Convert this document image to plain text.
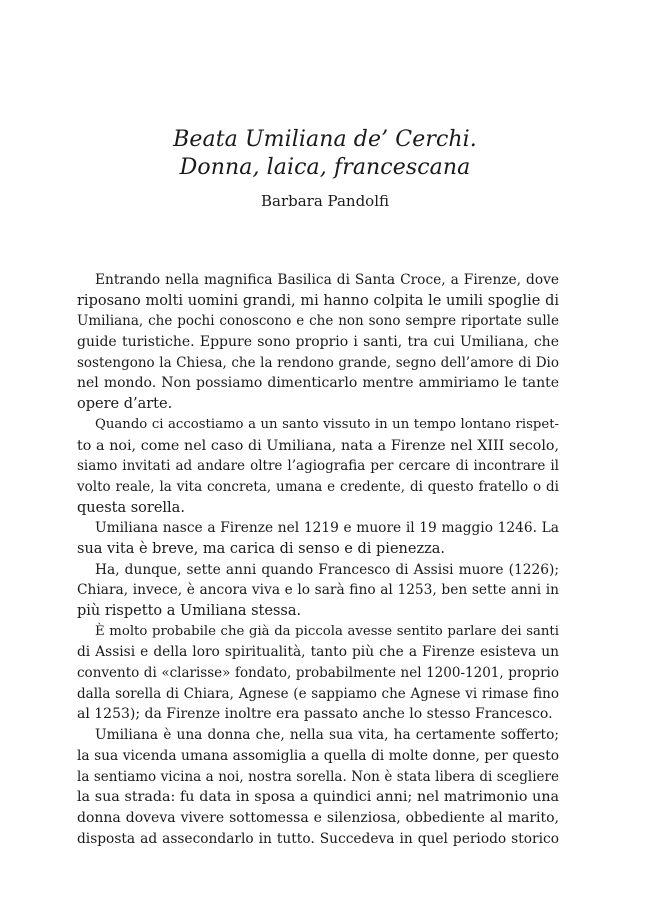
Beata Umiliana de’ Cerchi.
Donna, laica, francescana
Barbara Pandolfi
Entrando nella magnifica Basilica di Santa Croce, a Firenze, dove
riposano molti uomini grandi, mi hanno colpita le umili spoglie di
Umiliana, che pochi conoscono e che non sono sempre riportate sulle
guide turistiche. Eppure sono proprio i santi, tra cui Umiliana, che
sostengono la Chiesa, che la rendono grande, segno dell’amore di Dio
nel mondo. Non possiamo dimenticarlo mentre ammiriamo le tante
opere d’arte.
Quando ci accostiamo a un santo vissuto in un tempo lontano rispet-
to a noi, come nel caso di Umiliana, nata a Firenze nel XIII secolo,
siamo invitati ad andare oltre l’agiografia per cercare di incontrare il
volto reale, la vita concreta, umana e credente, di questo fratello o di
questa sorella.
Umiliana nasce a Firenze nel 1219 e muore il 19 maggio 1246. La
sua vita è breve, ma carica di senso e di pienezza.
Ha, dunque, sette anni quando Francesco di Assisi muore (1226);
Chiara, invece, è ancora viva e lo sarà fino al 1253, ben sette anni in
più rispetto a Umiliana stessa.
È molto probabile che già da piccola avesse sentito parlare dei santi
di Assisi e della loro spiritualità, tanto più che a Firenze esisteva un
convento di «clarisse» fondato, probabilmente nel 1200-1201, proprio
dalla sorella di Chiara, Agnese (e sappiamo che Agnese vi rimase fino
al 1253); da Firenze inoltre era passato anche lo stesso Francesco.
Umiliana è una donna che, nella sua vita, ha certamente sofferto;
la sua vicenda umana assomiglia a quella di molte donne, per questo
la sentiamo vicina a noi, nostra sorella. Non è stata libera di scegliere
la sua strada: fu data in sposa a quindici anni; nel matrimonio una
donna doveva vivere sottomessa e silenziosa, obbediente al marito,
disposta ad assecondarlo in tutto. Succedeva in quel periodo storico
